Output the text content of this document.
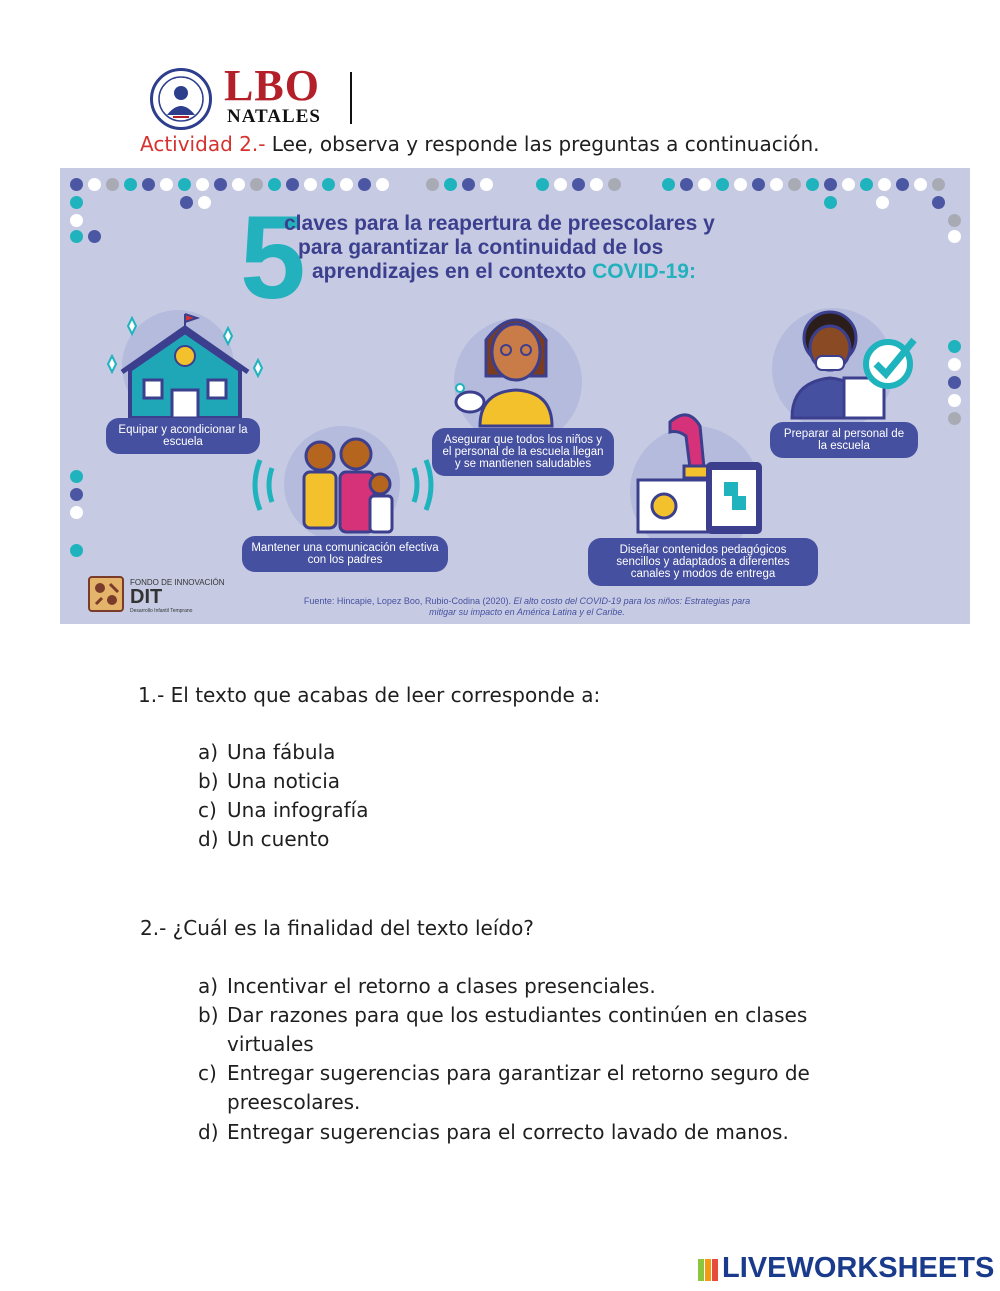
LBO
NATALES
Actividad 2.- Lee, observa y responde las preguntas a continuación.
5
claves para la reapertura de preescolares y
para garantizar la continuidad de los
aprendizajes en el contexto COVID-19:
Equipar y acondicionar la escuela
Mantener una comunicación efectiva con los padres
Asegurar que todos los niños y el personal de la escuela llegan y se mantienen saludables
Diseñar contenidos pedagógicos sencillos y adaptados a diferentes canales y modos de entrega
Preparar al personal de la escuela
FONDO DE INNOVACIÓN
DIT
Desarrollo Infantil Temprano
Fuente: Hincapie, Lopez Boo, Rubio-Codina (2020). El alto costo del COVID-19 para los niños: Estrategias para mitigar su impacto en América Latina y el Caribe.
1.- El texto que acabas de leer corresponde a:
a) Una fábula
b) Una noticia
c) Una infografía
d) Un cuento
2.- ¿Cuál es la finalidad del texto leído?
a) Incentivar el retorno a clases presenciales.
b) Dar razones para que los estudiantes continúen en clases
virtuales
c) Entregar sugerencias para garantizar el retorno seguro de
preescolares.
d) Entregar sugerencias para el correcto lavado de manos.
LIVEWORKSHEETS
